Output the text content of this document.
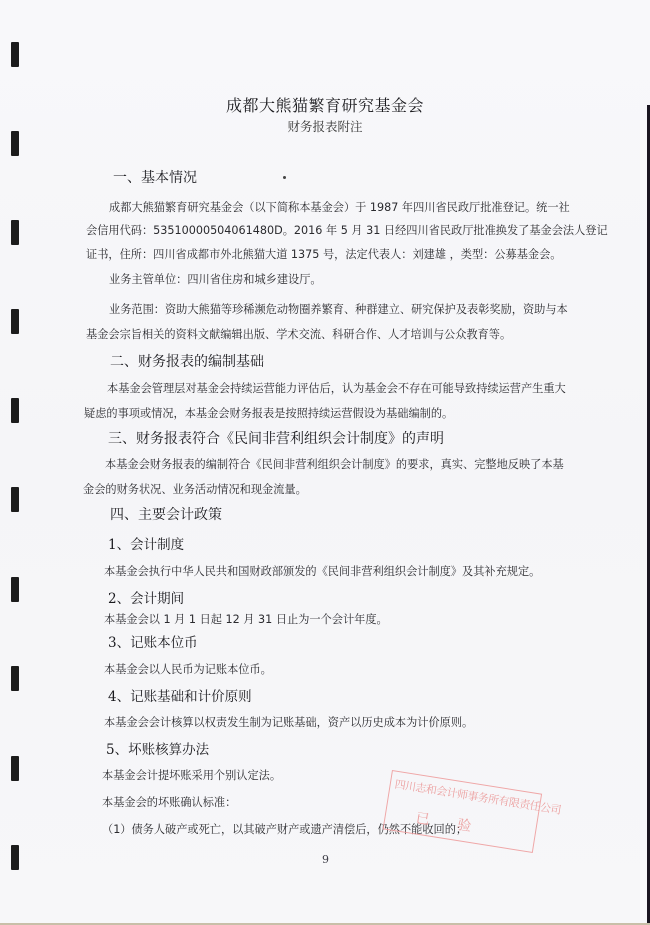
成都大熊猫繁育研究基金会
财务报表附注
一、基本情况
成都大熊猫繁育研究基金会（以下简称本基金会）于 1987 年四川省民政厅批准登记。统一社
会信用代码：53510000504061480D。2016 年 5 月 31 日经四川省民政厅批准换发了基金会法人登记
证书，住所：四川省成都市外北熊猫大道 1375 号，法定代表人：刘建雄 ，类型：公募基金会。
业务主管单位：四川省住房和城乡建设厅。
业务范围：资助大熊猫等珍稀濒危动物圈养繁育、种群建立、研究保护及表彰奖励，资助与本
基金会宗旨相关的资料文献编辑出版、学术交流、科研合作、人才培训与公众教育等。
二、财务报表的编制基础
本基金会管理层对基金会持续运营能力评估后，认为基金会不存在可能导致持续运营产生重大
疑虑的事项或情况，本基金会财务报表是按照持续运营假设为基础编制的。
三、财务报表符合《民间非营利组织会计制度》的声明
本基金会财务报表的编制符合《民间非营利组织会计制度》的要求，真实、完整地反映了本基
金会的财务状况、业务活动情况和现金流量。
四、主要会计政策
1、会计制度
本基金会执行中华人民共和国财政部颁发的《民间非营利组织会计制度》及其补充规定。
2、会计期间
本基金会以 1 月 1 日起 12 月 31 日止为一个会计年度。
3、记账本位币
本基金会以人民币为记账本位币。
4、记账基础和计价原则
本基金会会计核算以权责发生制为记账基础，资产以历史成本为计价原则。
5、坏账核算办法
本基金会计提坏账采用个别认定法。
本基金会的坏账确认标准：
（1）债务人破产或死亡，以其破产财产或遗产清偿后，仍然不能收回的；
四川志和会计师事务所有限责任公司
已验
9
